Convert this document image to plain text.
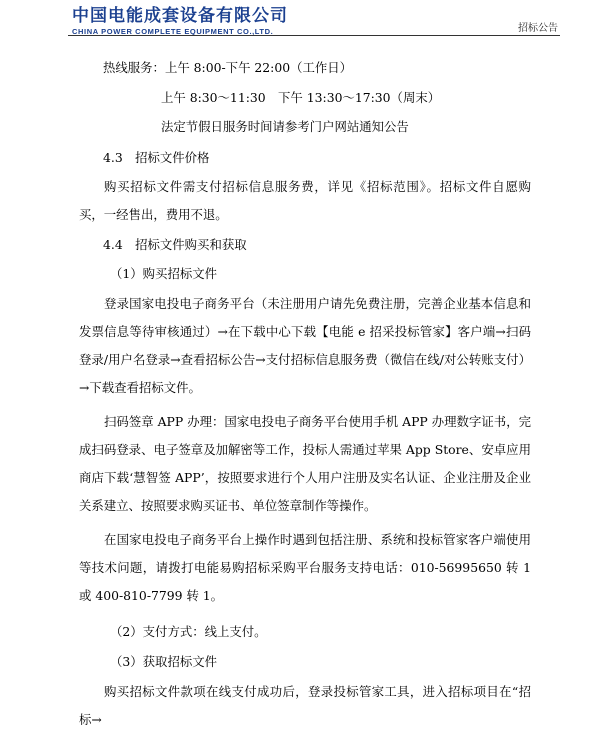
中国电能成套设备有限公司
CHINA POWER COMPLETE EQUIPMENT CO.,LTD.	招标公告
热线服务：上午 8:00-下午 22:00（工作日）
上午 8:30～11:30　下午 13:30～17:30（周末）
法定节假日服务时间请参考门户网站通知公告
4.3　招标文件价格
购买招标文件需支付招标信息服务费，详见《招标范围》。招标文件自愿购买，一经售出，费用不退。
4.4　招标文件购买和获取
（1）购买招标文件
登录国家电投电子商务平台（未注册用户请先免费注册，完善企业基本信息和发票信息等待审核通过）→在下载中心下载【电能 e 招采投标管家】客户端→扫码登录/用户名登录→查看招标公告→支付招标信息服务费（微信在线/对公转账支付）→下载查看招标文件。
扫码签章 APP 办理：国家电投电子商务平台使用手机 APP 办理数字证书，完成扫码登录、电子签章及加解密等工作，投标人需通过苹果 App Store、安卓应用商店下载‘慧智签 APP’，按照要求进行个人用户注册及实名认证、企业注册及企业关系建立、按照要求购买证书、单位签章制作等操作。
在国家电投电子商务平台上操作时遇到包括注册、系统和投标管家客户端使用等技术问题，请拨打电能易购招标采购平台服务支持电话：010-56995650 转 1 或 400-810-7799 转 1。
（2）支付方式：线上支付。
（3）获取招标文件
购买招标文件款项在线支付成功后，登录投标管家工具，进入招标项目在“招标→
